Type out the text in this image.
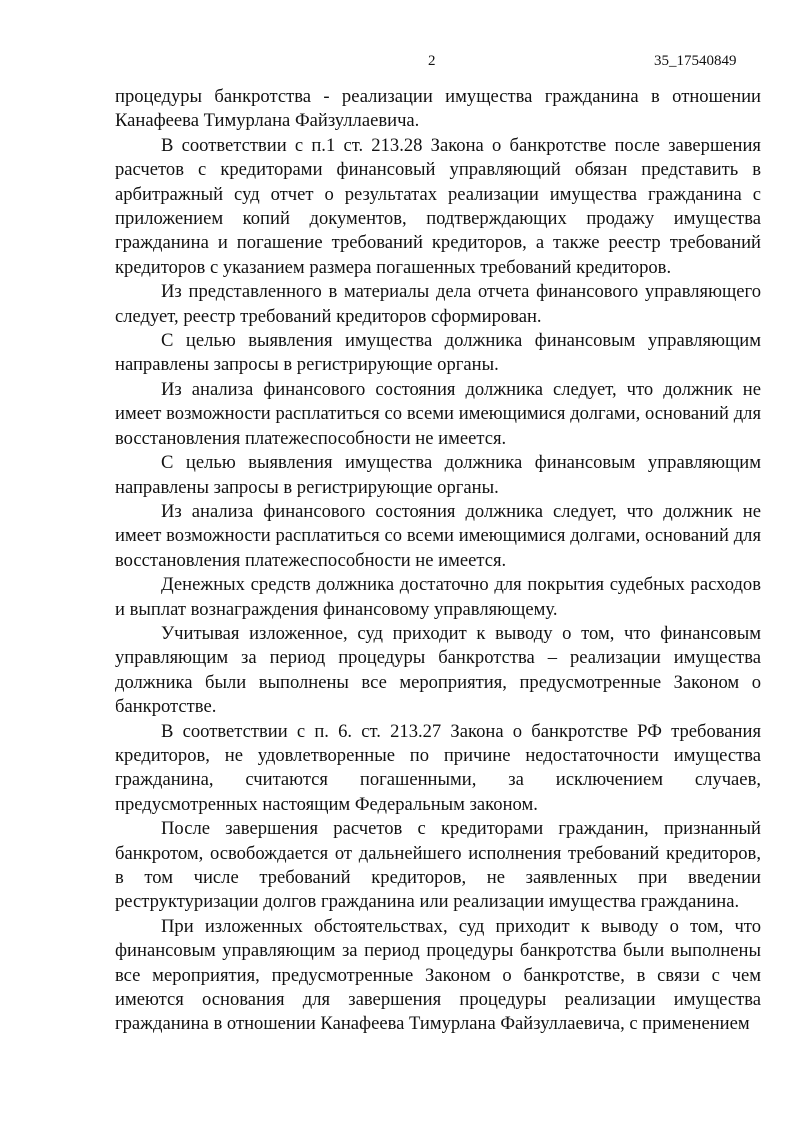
2	35_17540849

процедуры банкротства - реализации имущества гражданина в отношении Канафеева Тимурлана Файзуллаевича.

В соответствии с п.1 ст. 213.28 Закона о банкротстве после завершения расчетов с кредиторами финансовый управляющий обязан представить в арбитражный суд отчет о результатах реализации имущества гражданина с приложением копий документов, подтверждающих продажу имущества гражданина и погашение требований кредиторов, а также реестр требований кредиторов с указанием размера погашенных требований кредиторов.

Из представленного в материалы дела отчета финансового управляющего следует, реестр требований кредиторов сформирован.

С целью выявления имущества должника финансовым управляющим направлены запросы в регистрирующие органы.

Из анализа финансового состояния должника следует, что должник не имеет возможности расплатиться со всеми имеющимися долгами, оснований для восстановления платежеспособности не имеется.

С целью выявления имущества должника финансовым управляющим направлены запросы в регистрирующие органы.

Из анализа финансового состояния должника следует, что должник не имеет возможности расплатиться со всеми имеющимися долгами, оснований для восстановления платежеспособности не имеется.

Денежных средств должника достаточно для покрытия судебных расходов и выплат вознаграждения финансовому управляющему.

Учитывая изложенное, суд приходит к выводу о том, что финансовым управляющим за период процедуры банкротства – реализации имущества должника были выполнены все мероприятия, предусмотренные Законом о банкротстве.

В соответствии с п. 6. ст. 213.27 Закона о банкротстве РФ требования кредиторов, не удовлетворенные по причине недостаточности имущества гражданина, считаются погашенными, за исключением случаев, предусмотренных настоящим Федеральным законом.

После завершения расчетов с кредиторами гражданин, признанный банкротом, освобождается от дальнейшего исполнения требований кредиторов, в том числе требований кредиторов, не заявленных при введении реструктуризации долгов гражданина или реализации имущества гражданина.

При изложенных обстоятельствах, суд приходит к выводу о том, что финансовым управляющим за период процедуры банкротства были выполнены все мероприятия, предусмотренные Законом о банкротстве, в связи с чем имеются основания для завершения процедуры реализации имущества гражданина в отношении Канафеева Тимурлана Файзуллаевича, с применением
